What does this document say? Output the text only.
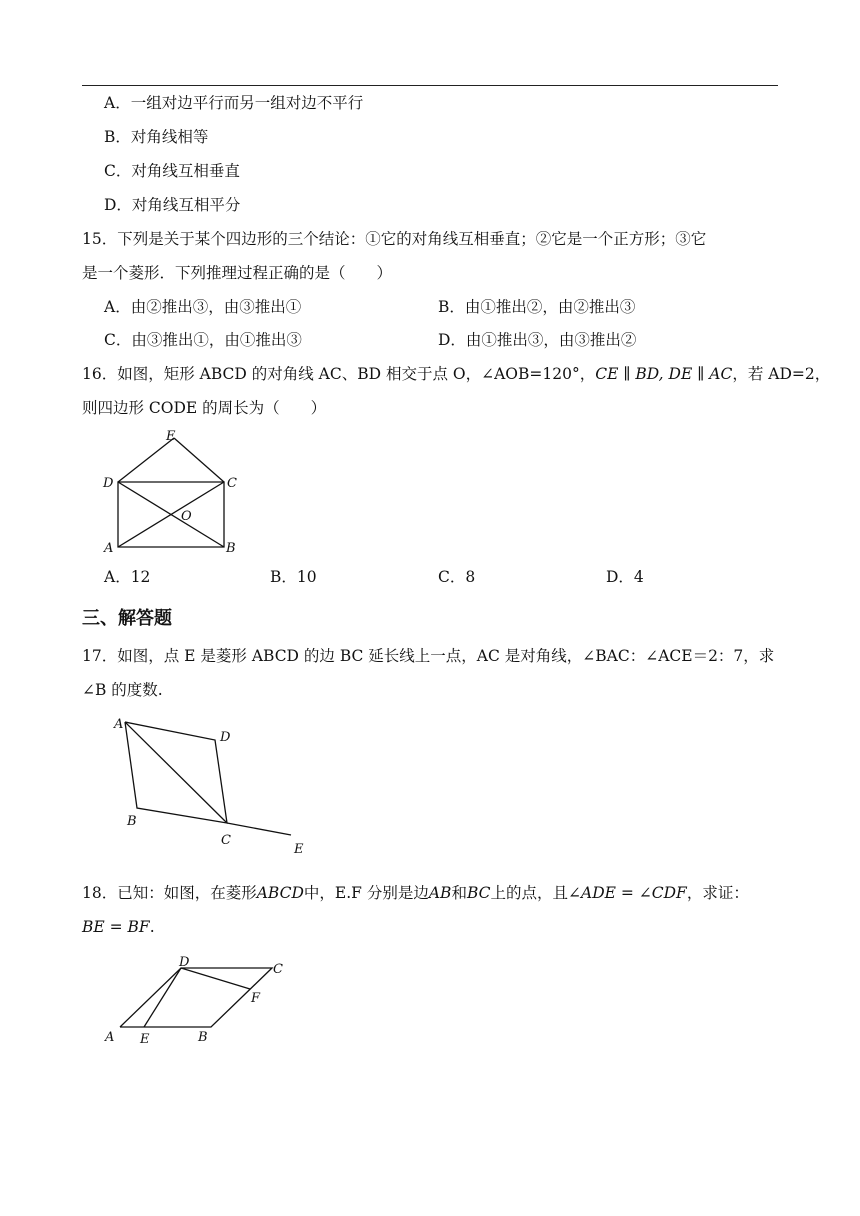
A．一组对边平行而另一组对边不平行
B．对角线相等
C．对角线互相垂直
D．对角线互相平分
15．下列是关于某个四边形的三个结论：①它的对角线互相垂直；②它是一个正方形；③它
是一个菱形．下列推理过程正确的是（　　）
A．由②推出③，由③推出①	B．由①推出②，由②推出③
C．由③推出①，由①推出③	D．由①推出③，由③推出②
16．如图，矩形 ABCD 的对角线 AC、BD 相交于点 O，∠AOB=120°，CE ∥ BD, DE ∥ AC，若 AD=2，
则四边形 CODE 的周长为（　　）
E
D	C
O
A	B
A．12	B．10	C．8	D．4
三、解答题
17．如图，点 E 是菱形 ABCD 的边 BC 延长线上一点，AC 是对角线，∠BAC：∠ACE＝2：7，求
∠B 的度数.
A
D
B
C
E
18．已知：如图，在菱形ABCD中，E.F 分别是边AB和BC上的点，且∠ADE = ∠CDF，求证：
BE = BF.
D	C
F
A E	B
